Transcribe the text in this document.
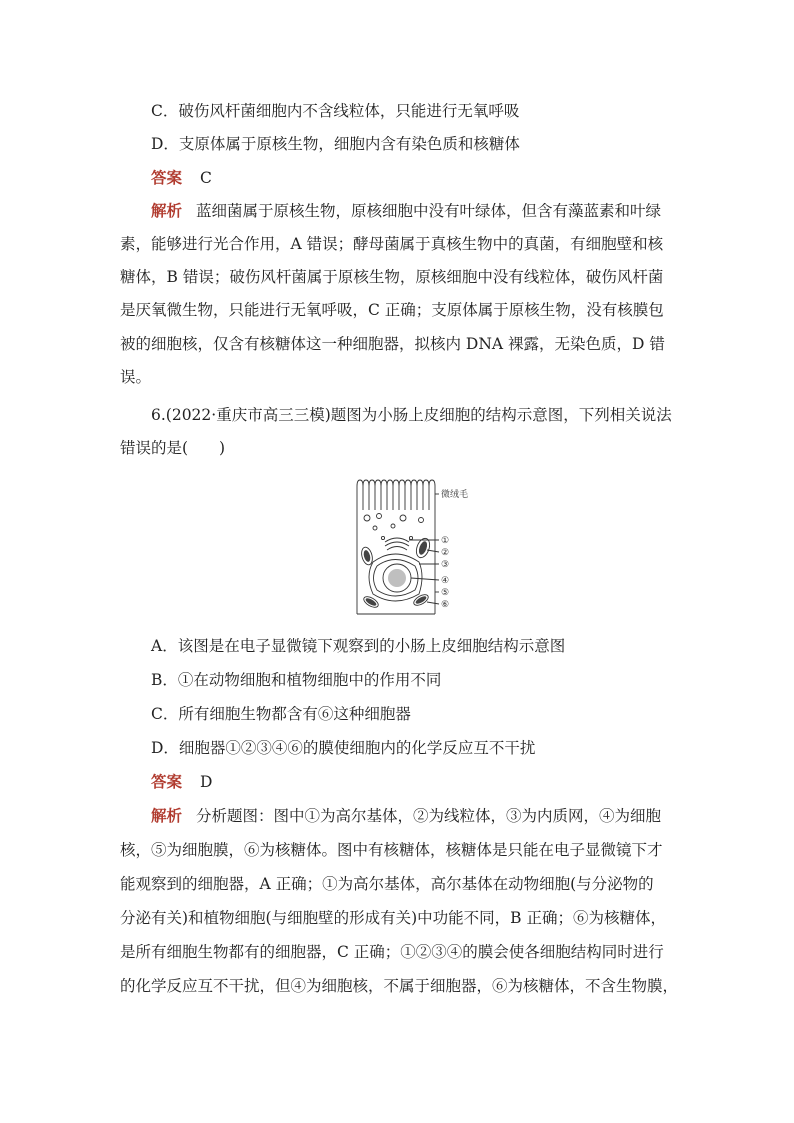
C．破伤风杆菌细胞内不含线粒体，只能进行无氧呼吸
D．支原体属于原核生物，细胞内含有染色质和核糖体
答案 C
解析 蓝细菌属于原核生物，原核细胞中没有叶绿体，但含有藻蓝素和叶绿
素，能够进行光合作用，A 错误；酵母菌属于真核生物中的真菌，有细胞壁和核
糖体，B 错误；破伤风杆菌属于原核生物，原核细胞中没有线粒体，破伤风杆菌
是厌氧微生物，只能进行无氧呼吸，C 正确；支原体属于原核生物，没有核膜包
被的细胞核，仅含有核糖体这一种细胞器，拟核内 DNA 裸露，无染色质，D 错
误。
6.(2022·重庆市高三三模)题图为小肠上皮细胞的结构示意图，下列相关说法
错误的是(　　)
微绒毛
①
②
③
④
⑤
⑥
A．该图是在电子显微镜下观察到的小肠上皮细胞结构示意图
B．①在动物细胞和植物细胞中的作用不同
C．所有细胞生物都含有⑥这种细胞器
D．细胞器①②③④⑥的膜使细胞内的化学反应互不干扰
答案 D
解析 分析题图：图中①为高尔基体，②为线粒体，③为内质网，④为细胞
核，⑤为细胞膜，⑥为核糖体。图中有核糖体，核糖体是只能在电子显微镜下才
能观察到的细胞器，A 正确；①为高尔基体，高尔基体在动物细胞(与分泌物的
分泌有关)和植物细胞(与细胞壁的形成有关)中功能不同，B 正确；⑥为核糖体，
是所有细胞生物都有的细胞器，C 正确；①②③④的膜会使各细胞结构同时进行
的化学反应互不干扰，但④为细胞核，不属于细胞器，⑥为核糖体，不含生物膜，
